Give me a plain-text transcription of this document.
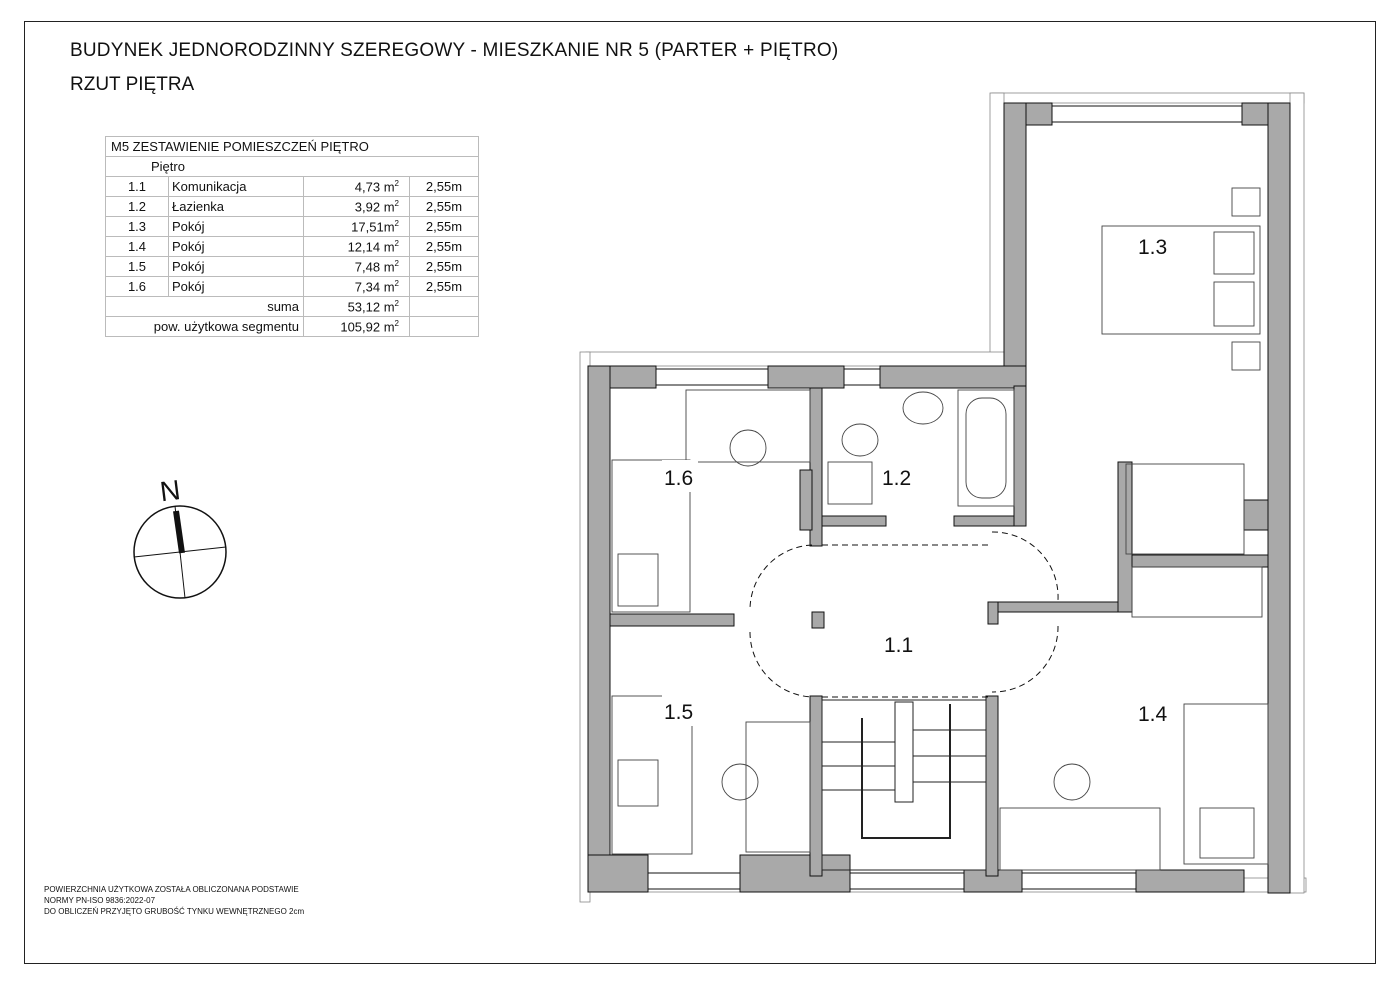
BUDYNEK JEDNORODZINNY SZEREGOWY - MIESZKANIE NR 5 (PARTER + PIĘTRO)
RZUT PIĘTRA
M5 ZESTAWIENIE POMIESZCZEŃ PIĘTRO			
Piętro			
1.1	Komunikacja	4,73 $m^2$	2,55m
1.2	Łazienka	3,92 $m^2$	2,55m
1.3	Pokój	$17,51m^2$	2,55m
1.4	Pokój	12,14 $m^2$	2,55m
1.5	Pokój	7,48 $m^2$	2,55m
1.6	Pokój	7,34 $m^2$	2,55m
suma		53,12 $m^2$	
pow. użytkowa segmentu		105,92 $m^2$	
N
1.3
1.6	1.2
1.1
1.5	1.4
POWIERZCHNIA UŻYTKOWA ZOSTAŁA OBLICZONANA PODSTAWIE
NORMY PN-ISO 9836:2022-07
DO OBLICZEŃ PRZYJĘTO GRUBOŚĆ TYNKU WEWNĘTRZNEGO 2cm
